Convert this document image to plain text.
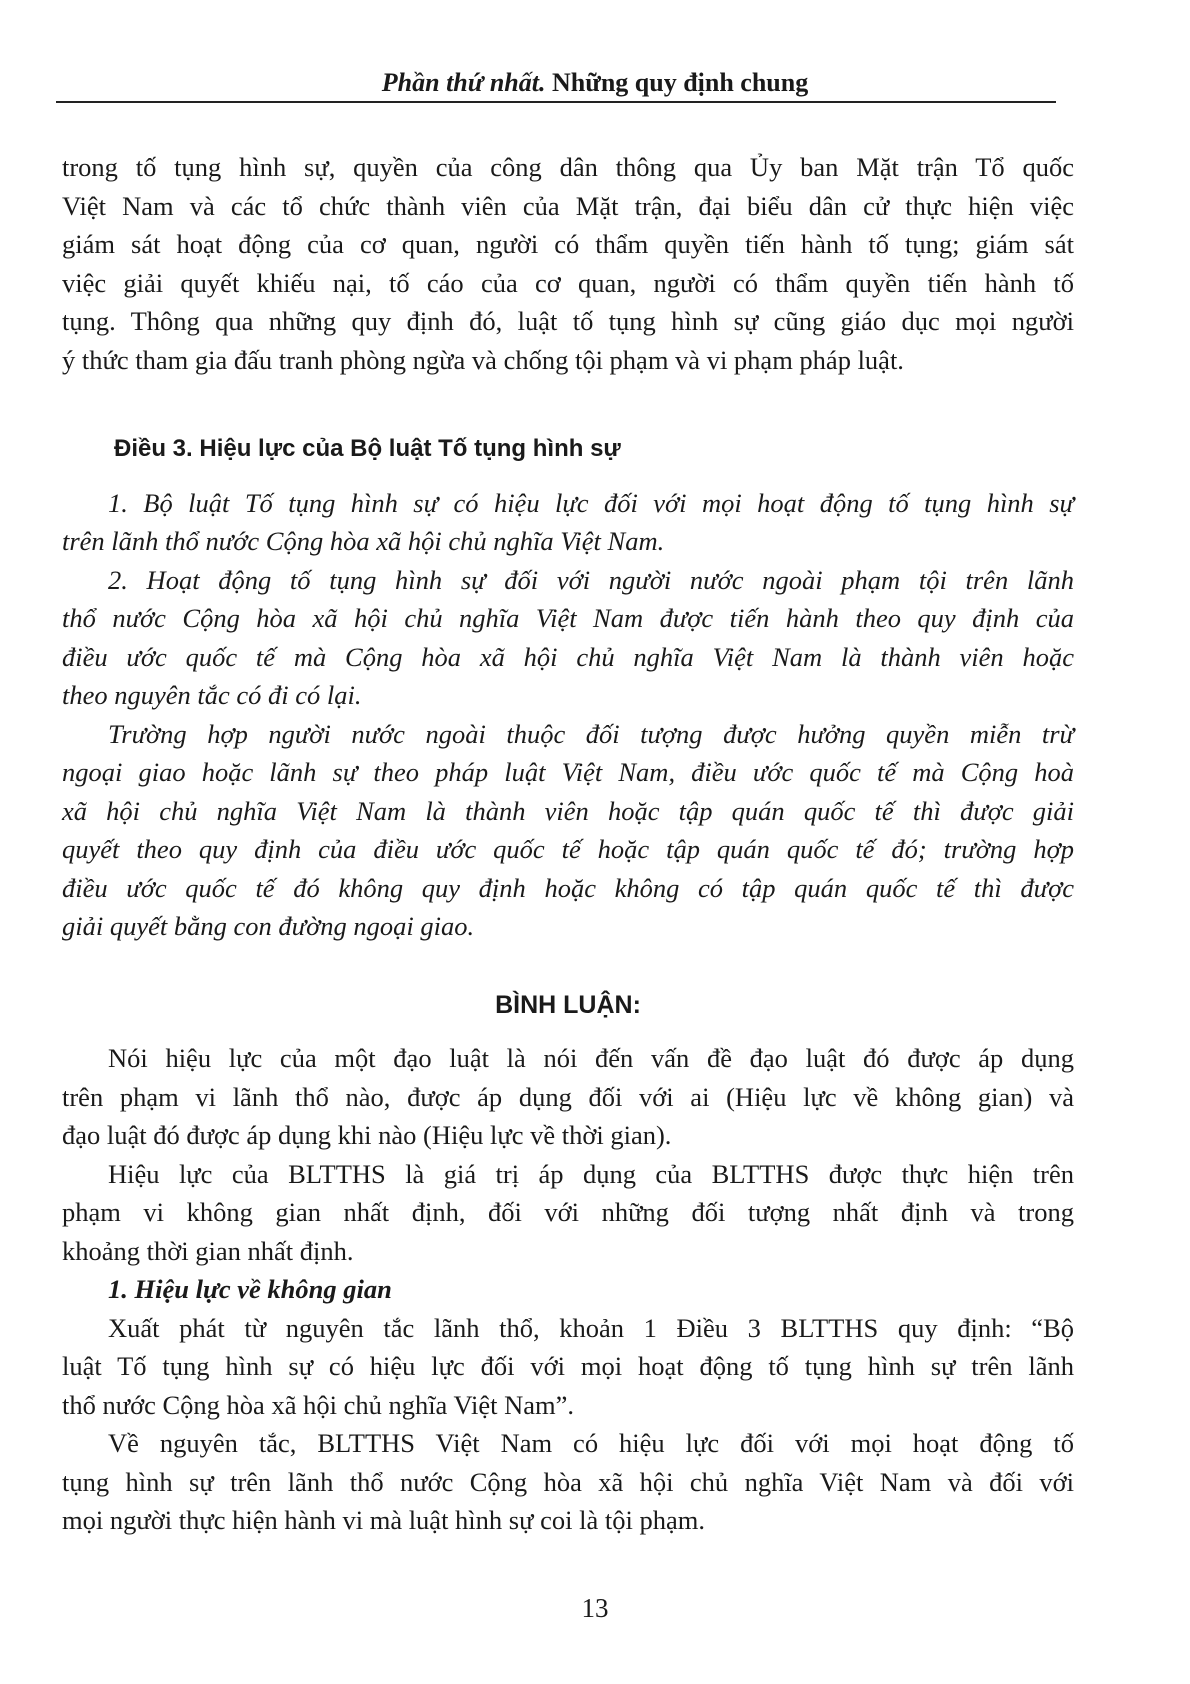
Phần thứ nhất. Những quy định chung

trong tố tụng hình sự, quyền của công dân thông qua Ủy ban Mặt trận Tổ quốc

Việt Nam và các tổ chức thành viên của Mặt trận, đại biểu dân cử thực hiện việc

giám sát hoạt động của cơ quan, người có thẩm quyền tiến hành tố tụng; giám sát

việc giải quyết khiếu nại, tố cáo của cơ quan, người có thẩm quyền tiến hành tố

tụng. Thông qua những quy định đó, luật tố tụng hình sự cũng giáo dục mọi người

ý thức tham gia đấu tranh phòng ngừa và chống tội phạm và vi phạm pháp luật.

Điều 3. Hiệu lực của Bộ luật Tố tụng hình sự

1. Bộ luật Tố tụng hình sự có hiệu lực đối với mọi hoạt động tố tụng hình sự

trên lãnh thổ nước Cộng hòa xã hội chủ nghĩa Việt Nam.

2. Hoạt động tố tụng hình sự đối với người nước ngoài phạm tội trên lãnh

thổ nước Cộng hòa xã hội chủ nghĩa Việt Nam được tiến hành theo quy định của

điều ước quốc tế mà Cộng hòa xã hội chủ nghĩa Việt Nam là thành viên hoặc

theo nguyên tắc có đi có lại.

Trường hợp người nước ngoài thuộc đối tượng được hưởng quyền miễn trừ

ngoại giao hoặc lãnh sự theo pháp luật Việt Nam, điều ước quốc tế mà Cộng hoà

xã hội chủ nghĩa Việt Nam là thành viên hoặc tập quán quốc tế thì được giải

quyết theo quy định của điều ước quốc tế hoặc tập quán quốc tế đó; trường hợp

điều ước quốc tế đó không quy định hoặc không có tập quán quốc tế thì được

giải quyết bằng con đường ngoại giao.

BÌNH LUẬN:

Nói hiệu lực của một đạo luật là nói đến vấn đề đạo luật đó được áp dụng

trên phạm vi lãnh thổ nào, được áp dụng đối với ai (Hiệu lực về không gian) và

đạo luật đó được áp dụng khi nào (Hiệu lực về thời gian).

Hiệu lực của BLTTHS là giá trị áp dụng của BLTTHS được thực hiện trên

phạm vi không gian nhất định, đối với những đối tượng nhất định và trong

khoảng thời gian nhất định.

1. Hiệu lực về không gian

Xuất phát từ nguyên tắc lãnh thổ, khoản 1 Điều 3 BLTTHS quy định: “Bộ

luật Tố tụng hình sự có hiệu lực đối với mọi hoạt động tố tụng hình sự trên lãnh

thổ nước Cộng hòa xã hội chủ nghĩa Việt Nam”.

Về nguyên tắc, BLTTHS Việt Nam có hiệu lực đối với mọi hoạt động tố

tụng hình sự trên lãnh thổ nước Cộng hòa xã hội chủ nghĩa Việt Nam và đối với

mọi người thực hiện hành vi mà luật hình sự coi là tội phạm.

13
